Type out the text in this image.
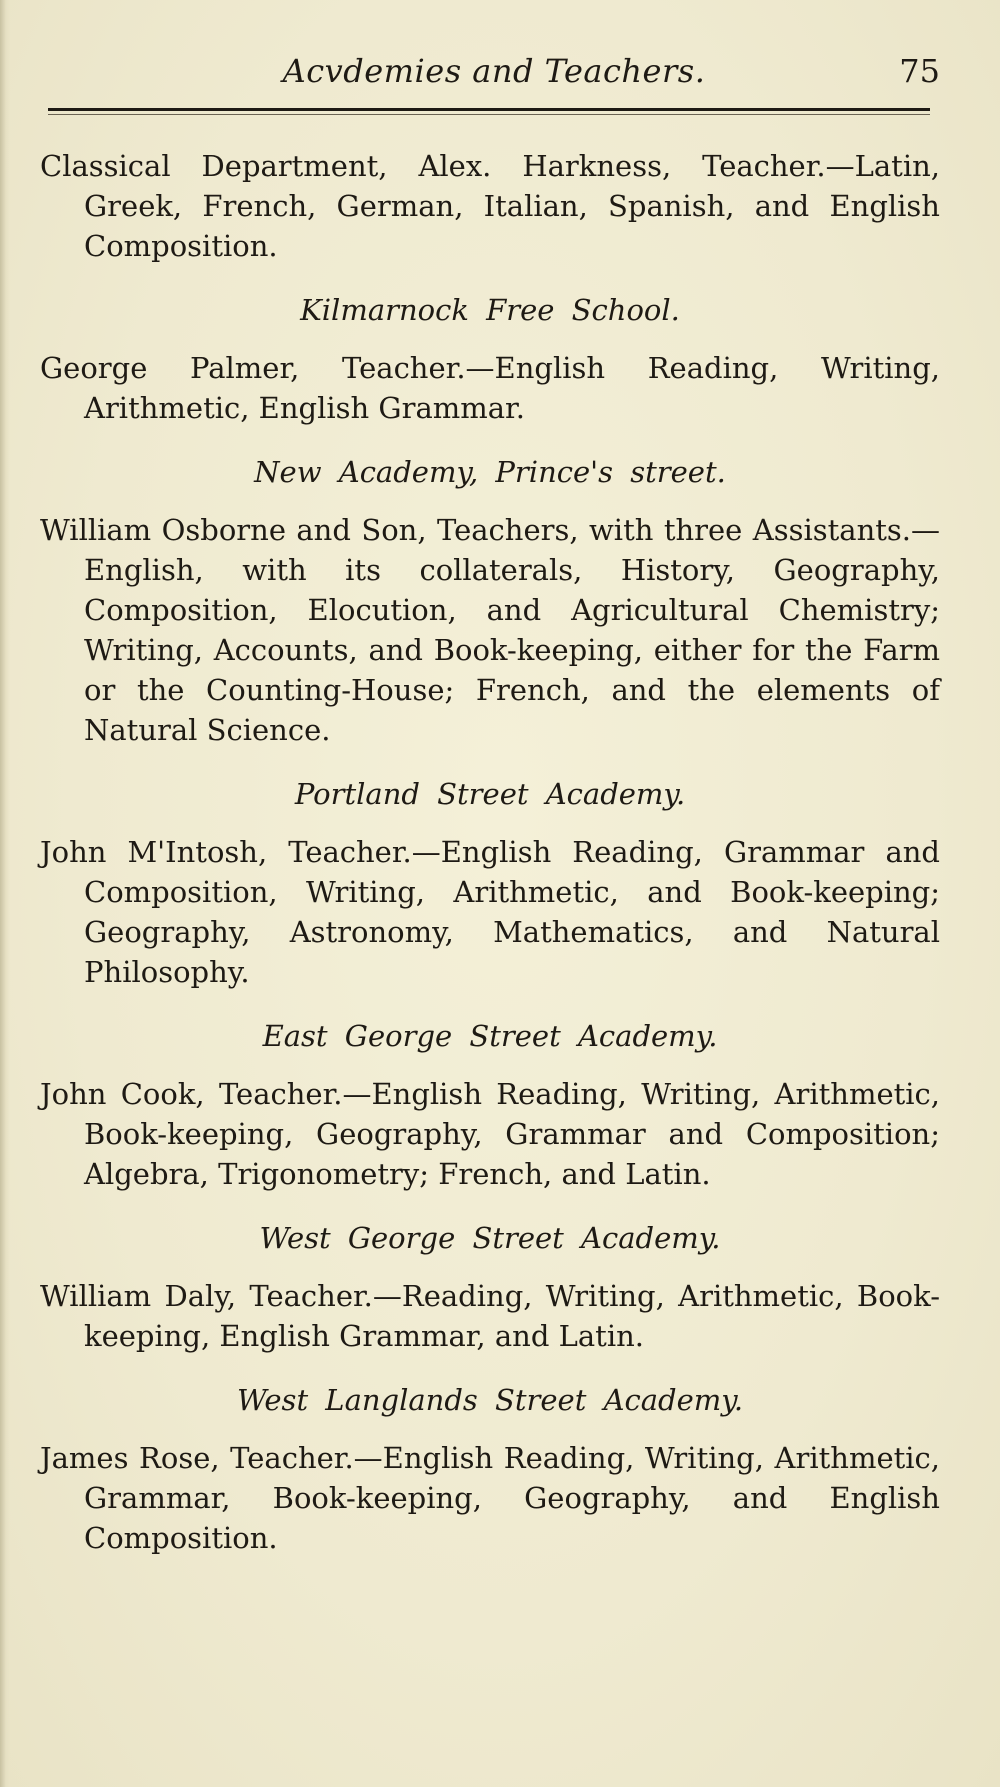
Acvdemies and Teachers.	75

Classical Department, Alex. Harkness, Teacher.—Latin, Greek, French, German, Italian, Spanish, and English Composition.

Kilmarnock Free School.

George Palmer, Teacher.—English Reading, Writing, Arithmetic, English Grammar.

New Academy, Prince's street.

William Osborne and Son, Teachers, with three Assistants.—English, with its collaterals, History, Geography, Composition, Elocution, and Agricultural Chemistry; Writing, Accounts, and Book-keeping, either for the Farm or the Counting-House; French, and the elements of Natural Science.

Portland Street Academy.

John M'Intosh, Teacher.—English Reading, Grammar and Composition, Writing, Arithmetic, and Book-keeping; Geography, Astronomy, Mathematics, and Natural Philosophy.

East George Street Academy.

John Cook, Teacher.—English Reading, Writing, Arithmetic, Book-keeping, Geography, Grammar and Composition; Algebra, Trigonometry; French, and Latin.

West George Street Academy.

William Daly, Teacher.—Reading, Writing, Arithmetic, Book-keeping, English Grammar, and Latin.

West Langlands Street Academy.

James Rose, Teacher.—English Reading, Writing, Arithmetic, Grammar, Book-keeping, Geography, and English Composition.
